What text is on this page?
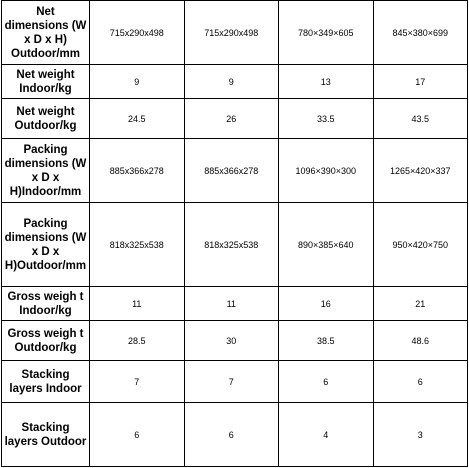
Net dimensions (W x D x H) Outdoor/mm	715x290x498	715x290x498	780×349×605	845×380×699
Net weight Indoor/kg	9	9	13	17
Net weight Outdoor/kg	24.5	26	33.5	43.5
Packing dimensions (W x D x H)Indoor/mm	885x366x278	885x366x278	1096×390×300	1265×420×337
Packing dimensions (W x D x H)Outdoor/mm	818x325x538	818x325x538	890×385×640	950×420×750
Gross weigh t Indoor/kg	11	11	16	21
Gross weigh t Outdoor/kg	28.5	30	38.5	48.6
Stacking layers Indoor	7	7	6	6
Stacking layers Outdoor	6	6	4	3
